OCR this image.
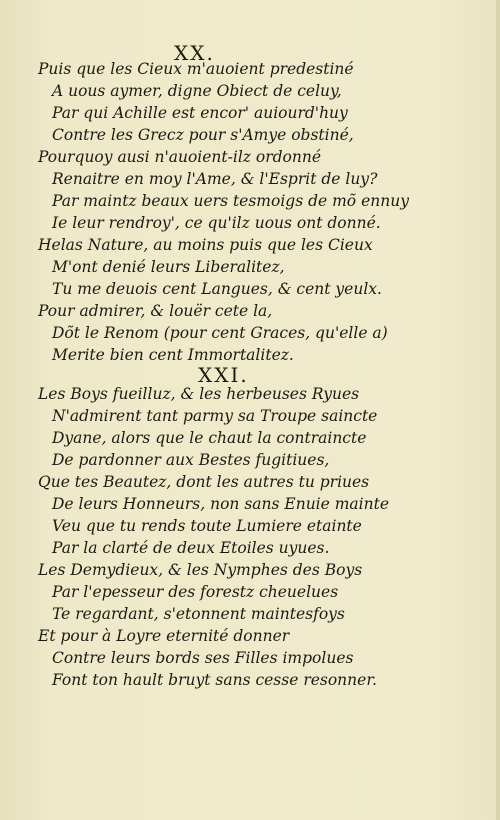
XX.
Puis que les Cieux m'auoient predestiné
A uous aymer, digne Obiect de celuy,
Par qui Achille est encor' auiourd'huy
Contre les Grecz pour s'Amye obstiné,
Pourquoy ausi n'auoient-ilz ordonné
Renaitre en moy l'Ame, & l'Esprit de luy?
Par maintz beaux uers tesmoigs de mõ ennuy
Ie leur rendroy', ce qu'ilz uous ont donné.
Helas Nature, au moins puis que les Cieux
M'ont denié leurs Liberalitez,
Tu me deuois cent Langues, & cent yeulx.
Pour admirer, & louër cete la,
Dõt le Renom (pour cent Graces, qu'elle a)
Merite bien cent Immortalitez.
XXI.
Les Boys fueilluz, & les herbeuses Ryues
N'admirent tant parmy sa Troupe saincte
Dyane, alors que le chaut la contraincte
De pardonner aux Bestes fugitiues,
Que tes Beautez, dont les autres tu priues
De leurs Honneurs, non sans Enuie mainte
Veu que tu rends toute Lumiere etainte
Par la clarté de deux Etoiles uyues.
Les Demydieux, & les Nymphes des Boys
Par l'epesseur des forestz cheuelues
Te regardant, s'etonnent maintesfoys
Et pour à Loyre eternité donner
Contre leurs bords ses Filles impolues
Font ton hault bruyt sans cesse resonner.
